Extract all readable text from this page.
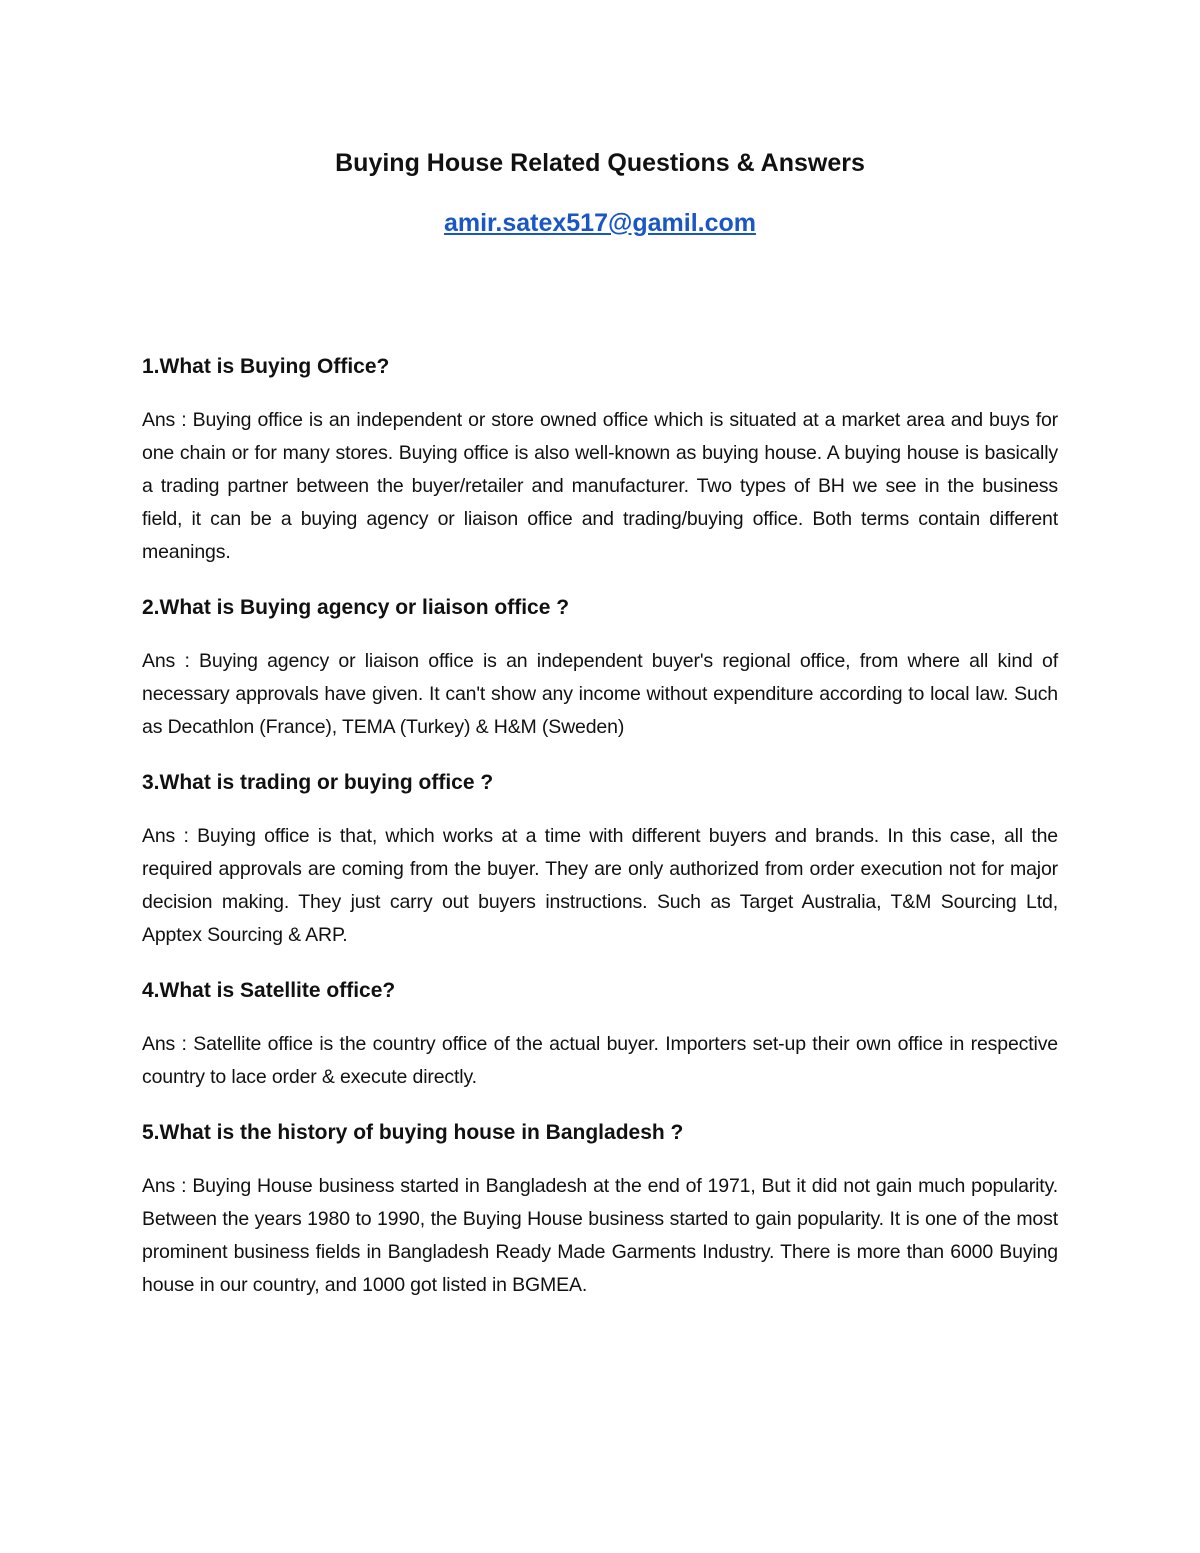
Buying House Related Questions & Answers
amir.satex517@gamil.com

1.What is Buying Office?

Ans : Buying office is an independent or store owned office which is situated at a market area and buys for one chain or for many stores. Buying office is also well-known as buying house. A buying house is basically a trading partner between the buyer/retailer and manufacturer. Two types of BH we see in the business field, it can be a buying agency or liaison office and trading/buying office. Both terms contain different meanings.

2.What is Buying agency or liaison office ?

Ans : Buying agency or liaison office is an independent buyer's regional office, from where all kind of necessary approvals have given. It can't show any income without expenditure according to local law. Such as Decathlon (France), TEMA (Turkey) & H&M (Sweden)

3.What is trading or buying office ?

Ans : Buying office is that, which works at a time with different buyers and brands. In this case, all the required approvals are coming from the buyer. They are only authorized from order execution not for major decision making. They just carry out buyers instructions. Such as Target Australia, T&M Sourcing Ltd, Apptex Sourcing & ARP.

4.What is Satellite office?

Ans : Satellite office is the country office of the actual buyer. Importers set-up their own office in respective country to lace order & execute directly.

5.What is the history of buying house in Bangladesh ?

Ans : Buying House business started in Bangladesh at the end of 1971, But it did not gain much popularity. Between the years 1980 to 1990, the Buying House business started to gain popularity. It is one of the most prominent business fields in Bangladesh Ready Made Garments Industry. There is more than 6000 Buying house in our country, and 1000 got listed in BGMEA.
